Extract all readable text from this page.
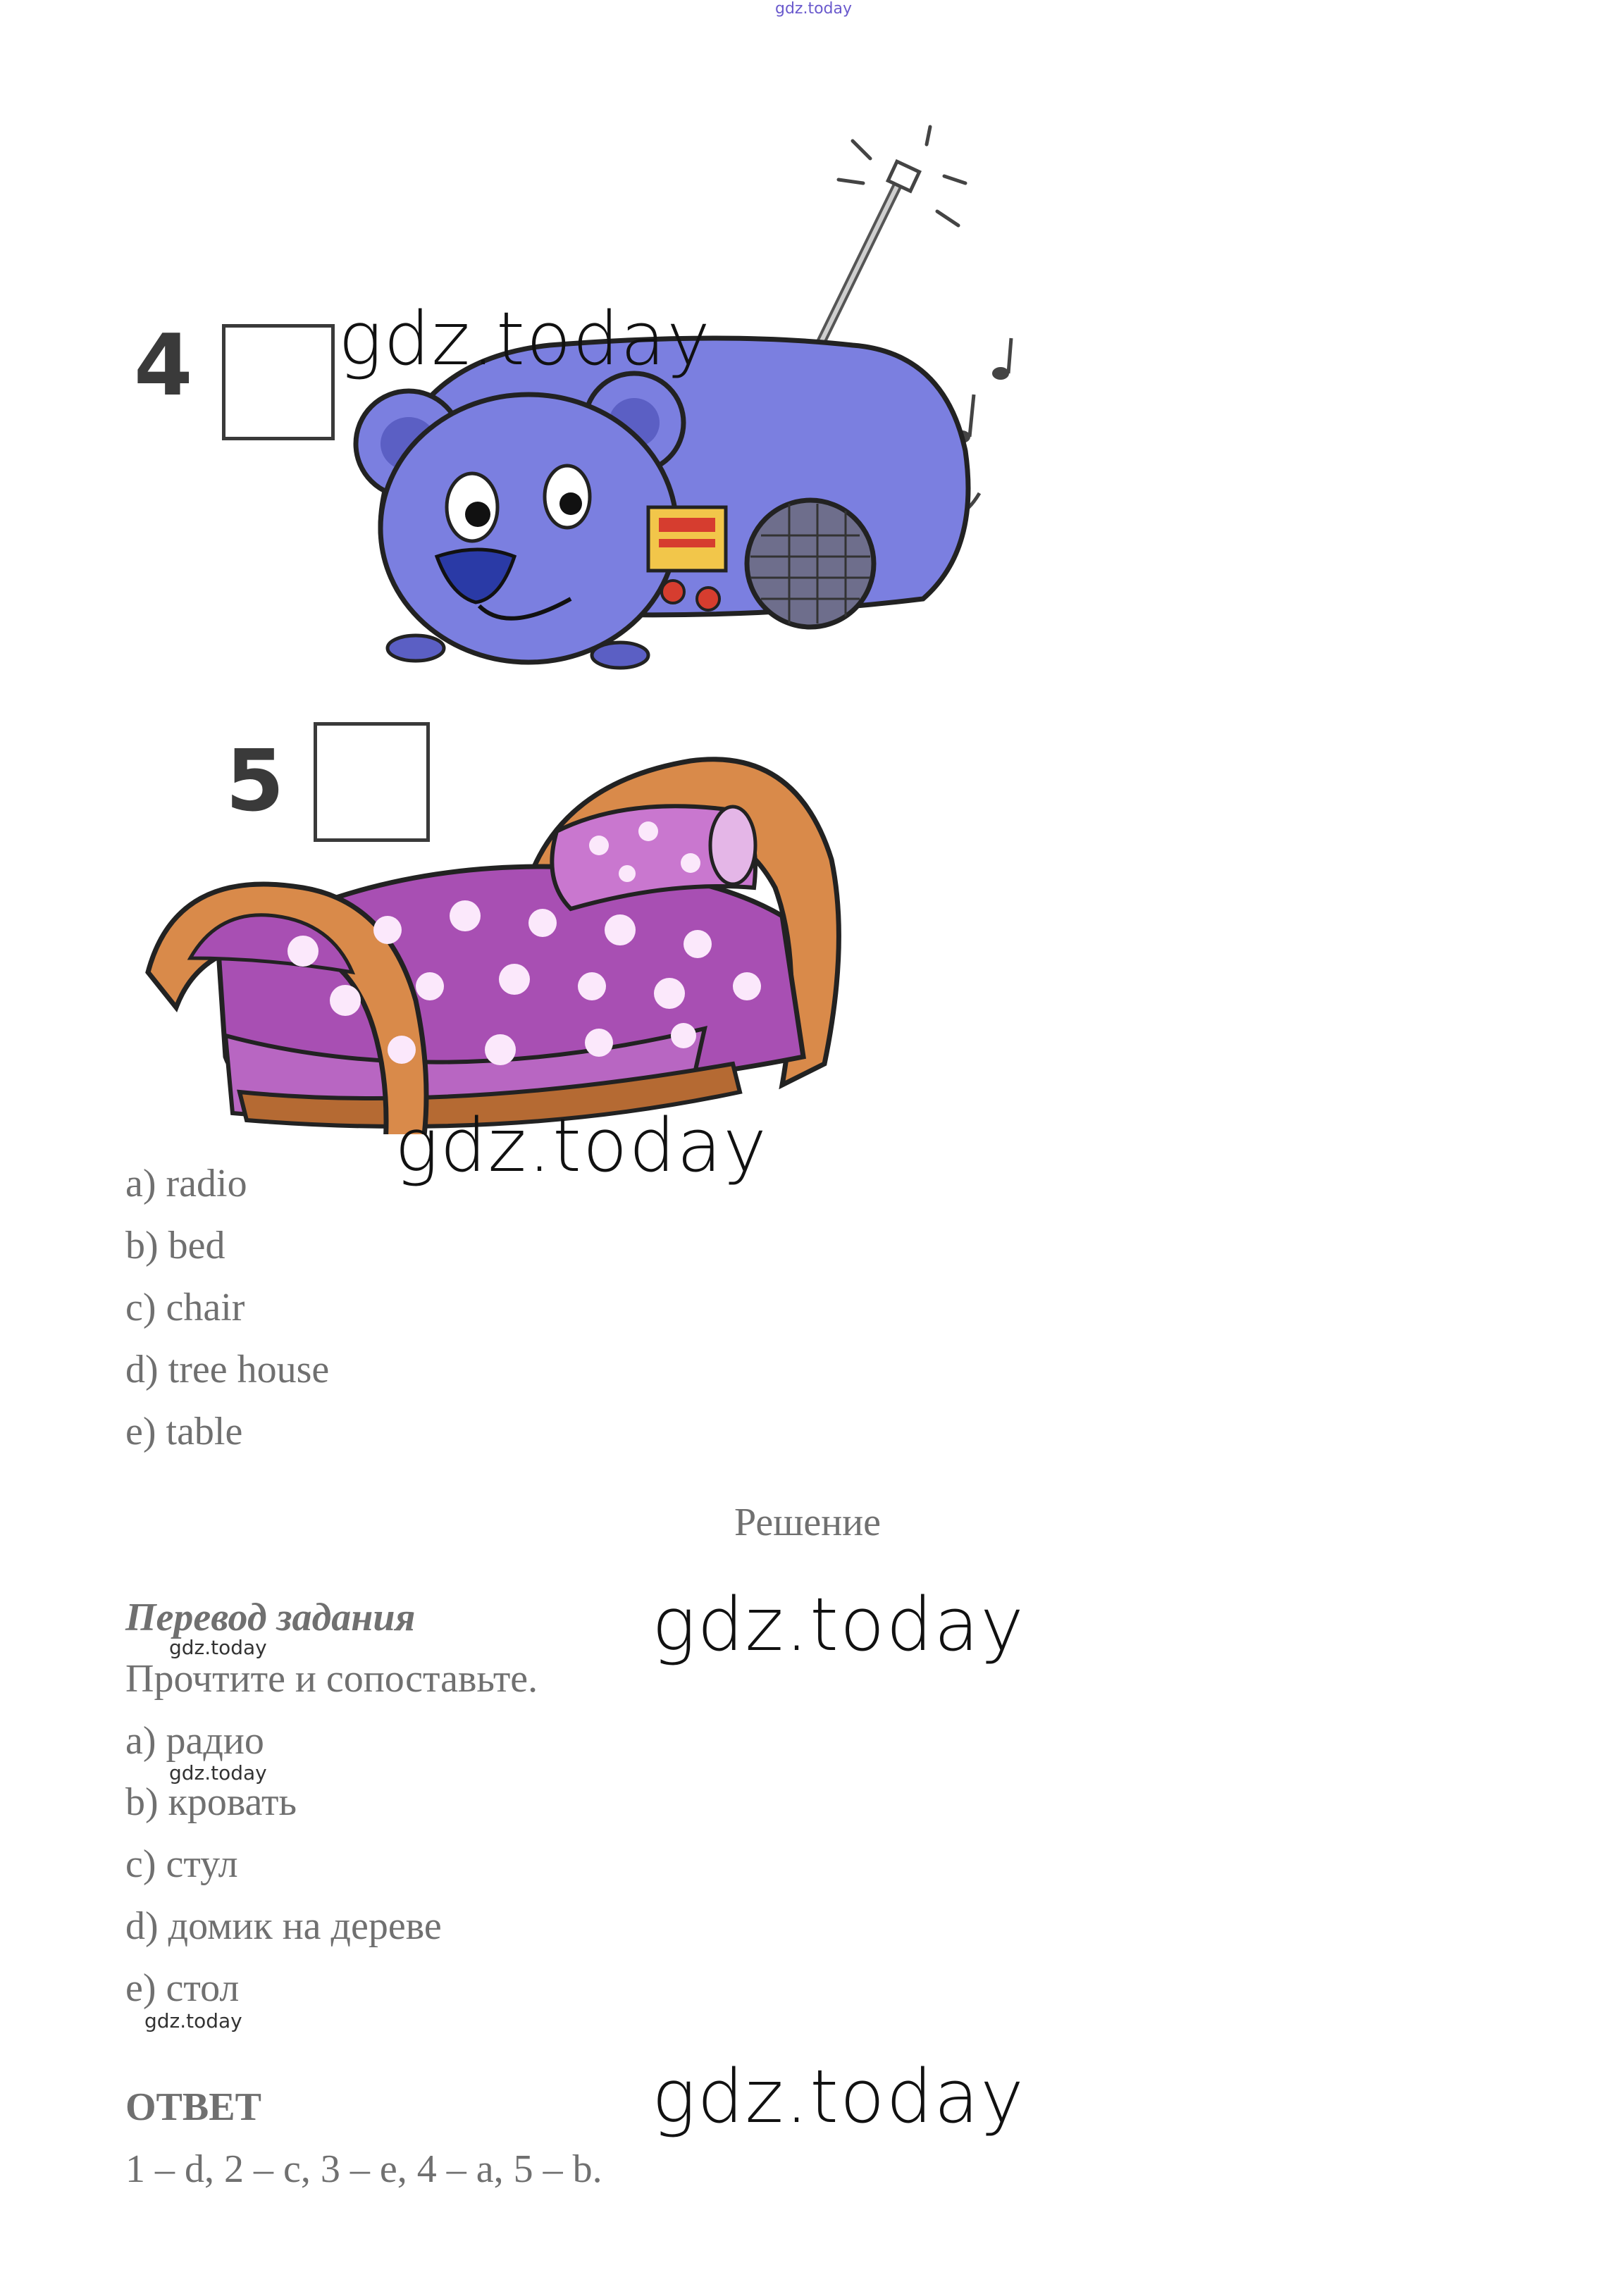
gdz.today
4
5
gdz.today
gdz.today
gdz.today
gdz.today
a) radio
b) bed
c) chair
d) tree house
e) table
Решение
Перевод задания
gdz.today
Прочтите и сопоставьте.
a) радио
gdz.today
b) кровать
c) стул
d) домик на дереве
e) стол
gdz.today
ОТВЕТ
1 – d, 2 – c, 3 – e, 4 – a, 5 – b.
